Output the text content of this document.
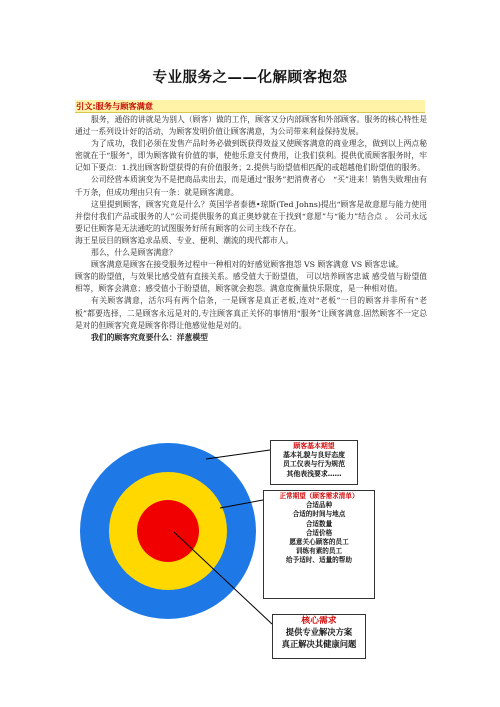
专业服务之——化解顾客抱怨
引文:服务与顾客满意

服务，通俗的讲就是为别人（顾客）做的工作，顾客又分内部顾客和外部顾客。服务的核心特性是通过一系列设计好的活动，为顾客发明价值让顾客满意，为公司带来利益保持发展。

为了成功，我们必须在发售产品时务必做到既获得效益又使顾客满意的商业理念，做到以上两点秘密就在于“服务”，即为顾客做有价值的事，使他乐意支付费用，让我们获利。提供优质顾客服务时，牢记如下要点：1.找出顾客盼望获得的有价值服务；2.提供与盼望值相匹配的或超越他们盼望值的服务。

公司经营本质演变为不是把商品卖出去，而是通过“服务”把消费者心　“买”进来！销售失败理由有千万条，但成功理由只有一条：就是顾客满意。

这里提到顾客，顾客究竟是什么？英国学者泰德•琼斯(Ted Johns)提出“顾客是故意愿与能力使用并偿付我们产品或服务的人”公司提供服务的真正奥妙就在于找到“意愿”与“能力”结合点 。 公司永远要记住顾客是无法通吃的试图服务好所有顾客的公司主线不存在。

海王星辰目的顾客追求品质、专业、便利、潮流的现代都市人。

那么，什么是顾客满意？

顾客满意是顾客在接受服务过程中一种相对的好感觉顾客抱怨 VS 顾客满意 VS 顾客忠诚。

顾客的盼望值，与效果比感受值有直接关系。感受值大于盼望值， 可以培养顾客忠诚 感受值与盼望值相等，顾客会满意；感受值小于盼望值，顾客就会抱怨。满意度衡量快乐限度，是一种相对值。

有关顾客满意，活尔玛有两个信条，一是顾客是真正老板,连对“老板”一目的顾客并非所有“老板”都要选择，二是顾客永远是对的,专注顾客真正关怀的事情用“服务”让顾客满意.固然顾客不一定总是对的但顾客究竟是顾客你得让他感觉他是对的。

我们的顾客究竟要什么：洋葱模型

顾客基本期望
基本礼貌与良好态度
员工仪表与行为规范
其他表浅要求……
正常期望（顾客需求清单）
合适品种
合适的时间与地点
合适数量
合适价格
愿意关心顾客的员工
训练有素的员工
给予适时、适量的帮助
核心需求
提供专业解决方案
真正解决其健康问题
